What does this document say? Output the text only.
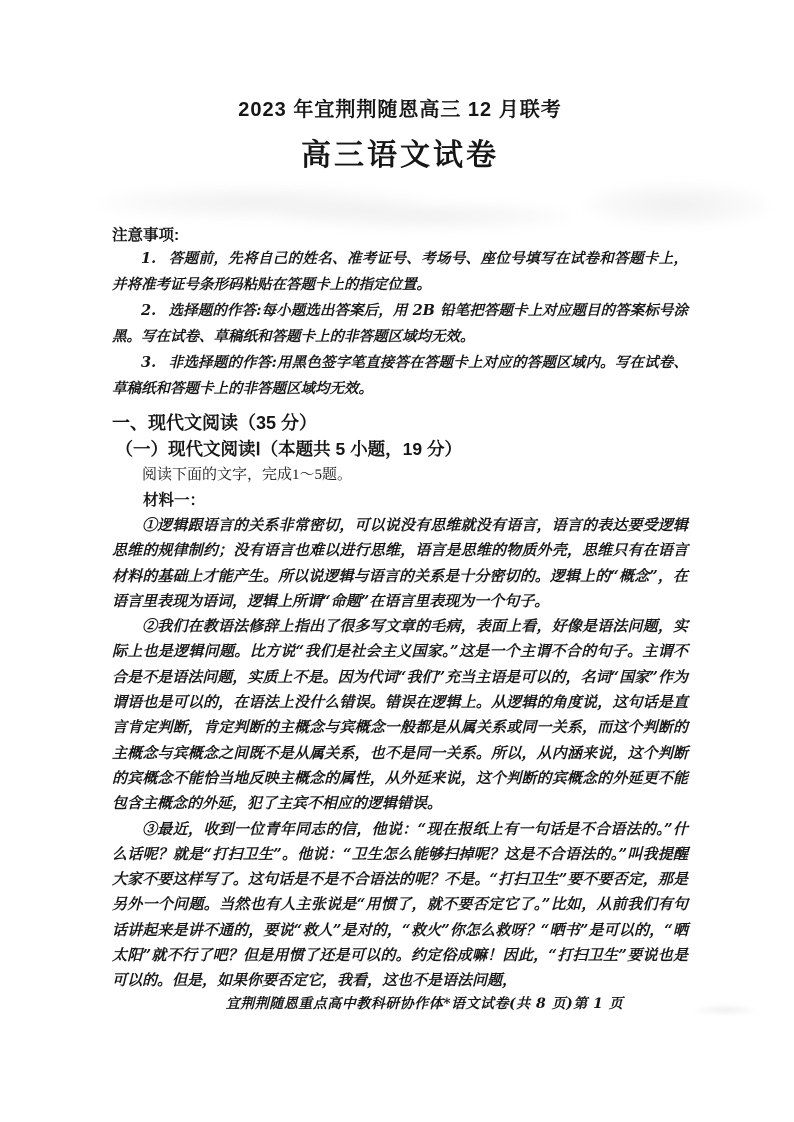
2023 年宜荆荆随恩高三 12 月联考
高三语文试卷
注意事项:

1. 答题前，先将自己的姓名、准考证号、考场号、座位号填写在试卷和答题卡上，并将准考证号条形码粘贴在答题卡上的指定位置。

2. 选择题的作答:每小题选出答案后，用 2B 铅笔把答题卡上对应题目的答案标号涂黑。写在试卷、草稿纸和答题卡上的非答题区域均无效。

3. 非选择题的作答:用黑色签字笔直接答在答题卡上对应的答题区域内。写在试卷、草稿纸和答题卡上的非答题区域均无效。

一、现代文阅读（35 分）
（一）现代文阅读Ⅰ（本题共 5 小题，19 分）

阅读下面的文字，完成1～5题。

材料一：

①逻辑跟语言的关系非常密切，可以说没有思维就没有语言，语言的表达要受逻辑思维的规律制约；没有语言也难以进行思维，语言是思维的物质外壳，思维只有在语言材料的基础上才能产生。所以说逻辑与语言的关系是十分密切的。逻辑上的“概念”，在语言里表现为语词，逻辑上所谓“命题”在语言里表现为一个句子。

②我们在教语法修辞上指出了很多写文章的毛病，表面上看，好像是语法问题，实际上也是逻辑问题。比方说“我们是社会主义国家。”这是一个主谓不合的句子。主谓不合是不是语法问题，实质上不是。因为代词“我们”充当主语是可以的，名词“国家”作为谓语也是可以的，在语法上没什么错误。错误在逻辑上。从逻辑的角度说，这句话是直言肯定判断，肯定判断的主概念与宾概念一般都是从属关系或同一关系，而这个判断的主概念与宾概念之间既不是从属关系，也不是同一关系。所以，从内涵来说，这个判断的宾概念不能恰当地反映主概念的属性，从外延来说，这个判断的宾概念的外延更不能包含主概念的外延，犯了主宾不相应的逻辑错误。

③最近，收到一位青年同志的信，他说：“现在报纸上有一句话是不合语法的。”什么话呢？就是“打扫卫生”。他说：“卫生怎么能够扫掉呢？这是不合语法的。”叫我提醒大家不要这样写了。这句话是不是不合语法的呢？不是。“打扫卫生”要不要否定，那是另外一个问题。当然也有人主张说是“用惯了，就不要否定它了。”比如，从前我们有句话讲起来是讲不通的，要说“救人”是对的，“救火”你怎么救呀？“晒书”是可以的，“晒太阳”就不行了吧？但是用惯了还是可以的。约定俗成嘛！因此，“打扫卫生”要说也是可以的。但是，如果你要否定它，我看，这也不是语法问题，

宜荆荆随恩重点高中教科研协作体*语文试卷(共 8 页)第 1 页
